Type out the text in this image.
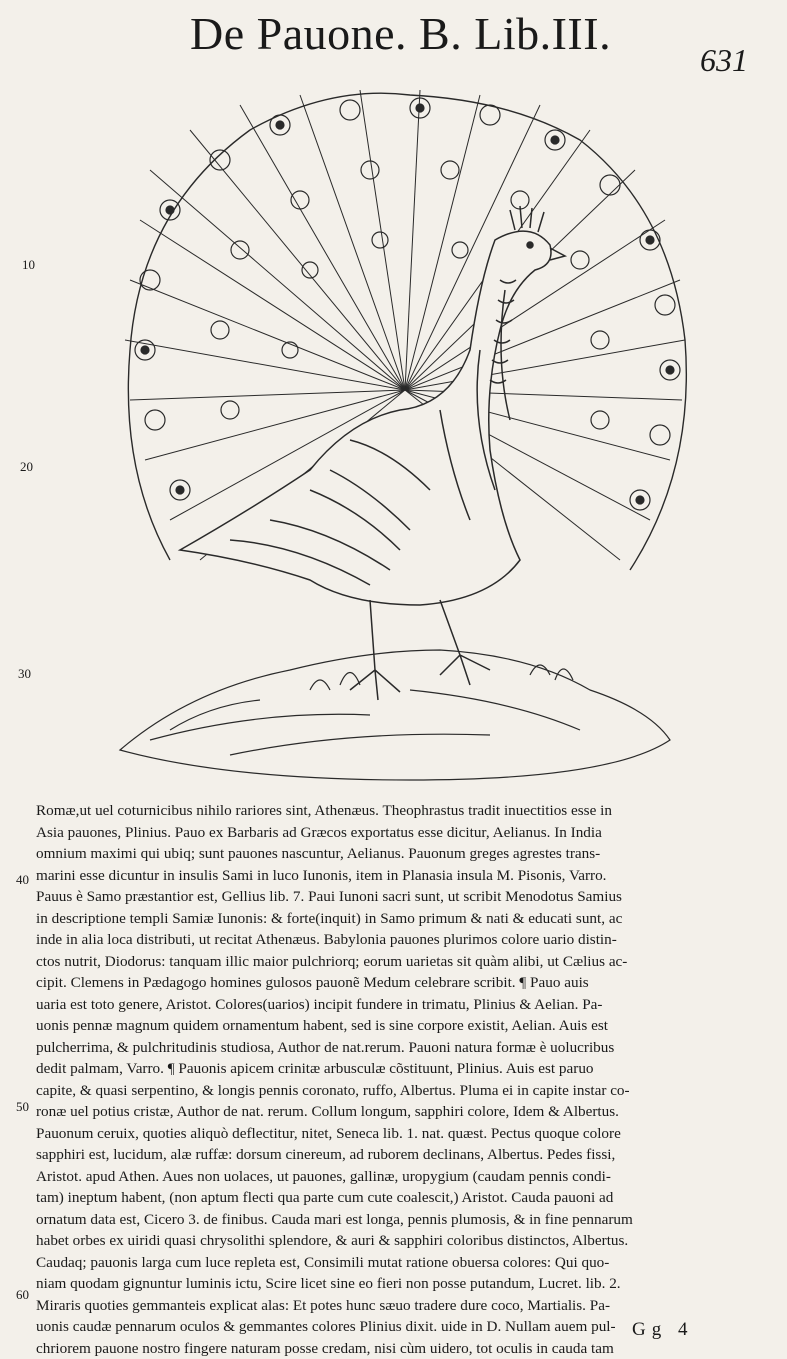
De Pauone. B. Lib.III.
631
10
20
30
40
50
60
Romæ,ut uel coturnicibus nihilo rariores sint, Athenæus. Theophrastus tradit inuectitios esse in
Asia pauones, Plinius. Pauo ex Barbaris ad Græcos exportatus esse dicitur, Aelianus. In India
omnium maximi qui ubiq; sunt pauones nascuntur, Aelianus. Pauonum greges agrestes trans-
marini esse dicuntur in insulis Sami in luco Iunonis, item in Planasia insula M. Pisonis, Varro.
Pauus è Samo præstantior est, Gellius lib. 7. Paui Iunoni sacri sunt, ut scribit Menodotus Samius
in descriptione templi Samiæ Iunonis: & forte(inquit) in Samo primum & nati & educati sunt, ac
inde in alia loca distributi, ut recitat Athenæus. Babylonia pauones plurimos colore uario distin-
ctos nutrit, Diodorus: tanquam illic maior pulchriorq; eorum uarietas sit quàm alibi, ut Cælius ac-
cipit. Clemens in Pædagogo homines gulosos pauonẽ Medum celebrare scribit. ¶ Pauo auis
uaria est toto genere, Aristot. Colores(uarios) incipit fundere in trimatu, Plinius & Aelian. Pa-
uonis pennæ magnum quidem ornamentum habent, sed is sine corpore existit, Aelian. Auis est
pulcherrima, & pulchritudinis studiosa, Author de nat.rerum. Pauoni natura formæ è uolucribus
dedit palmam, Varro. ¶ Pauonis apicem crinitæ arbusculæ cõstituunt, Plinius. Auis est paruo
capite, & quasi serpentino, & longis pennis coronato, ruffo, Albertus. Pluma ei in capite instar co-
ronæ uel potius cristæ, Author de nat. rerum. Collum longum, sapphiri colore, Idem & Albertus.
Pauonum ceruix, quoties aliquò deflectitur, nitet, Seneca lib. 1. nat. quæst. Pectus quoque colore
sapphiri est, lucidum, alæ ruffæ: dorsum cinereum, ad ruborem declinans, Albertus. Pedes fissi,
Aristot. apud Athen. Aues non uolaces, ut pauones, gallinæ, uropygium (caudam pennis condi-
tam) ineptum habent, (non aptum flecti qua parte cum cute coalescit,) Aristot. Cauda pauoni ad
ornatum data est, Cicero 3. de finibus. Cauda mari est longa, pennis plumosis, & in fine pennarum
habet orbes ex uiridi quasi chrysolithi splendore, & auri & sapphiri coloribus distinctos, Albertus.
Caudaq; pauonis larga cum luce repleta est, Consimili mutat ratione obuersa colores: Qui quo-
niam quodam gignuntur luminis ictu, Scire licet sine eo fieri non posse putandum, Lucret. lib. 2.
Miraris quoties gemmanteis explicat alas: Et potes hunc sæuo tradere dure coco, Martialis. Pa-
uonis caudæ pennarum oculos & gemmantes colores Plinius dixit. uide in D. Nullam auem pul-
chriorem pauone nostro fingere naturam posse credam, nisi cùm uidero, tot oculis in cauda tam
Gg 4
